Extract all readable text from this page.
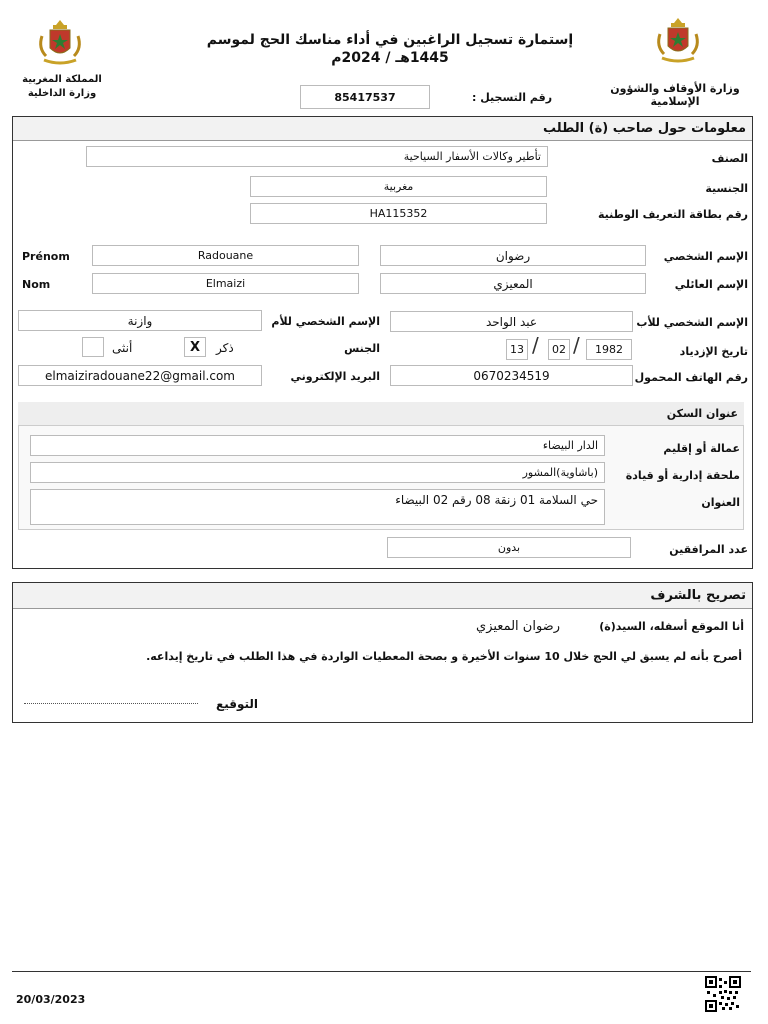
المملكة المغربية
وزارة الداخلية
إستمارة تسجيل الراغبين في أداء مناسك الحج لموسم
1445هـ / 2024م
وزارة الأوقاف والشؤون الإسلامية
85417537	رقم التسجيل :
معلومات حول صاحب (ة) الطلب
تأطير وكالات الأسفار السياحية	الصنف
مغربية	الجنسية
HA115352	رقم بطاقة التعريف الوطنية
Prénom	Radouane	رضوان	الإسم الشخصي
Nom	Elmaizi	المعيزي	الإسم العائلي
وازنة	الإسم الشخصي للأم	عبد الواحد	الإسم الشخصي للأب
أنثى	X	ذكر	الجنس	13 /	02 /	1982	تاريخ الإزدياد
elmaiziradouane22@gmail.com	البريد الإلكتروني	0670234519	رقم الهاتف المحمول
عنوان السكن
الدار البيضاء	عمالة أو إقليم
(باشاوية)المشور	ملحقة إدارية أو قيادة
حي السلامة 01 زنقة 08 رقم 02 البيضاء	العنوان
بدون	عدد المرافقين
تصريح بالشرف
أنا الموقع أسفله، السيد(ة)
رضوان المعيزي
أصرح بأنه لم يسبق لي الحج خلال 10 سنوات الأخيرة و بصحة المعطيات الواردة في هذا الطلب في تاريخ إيداعه.
التوقيع
20/03/2023
